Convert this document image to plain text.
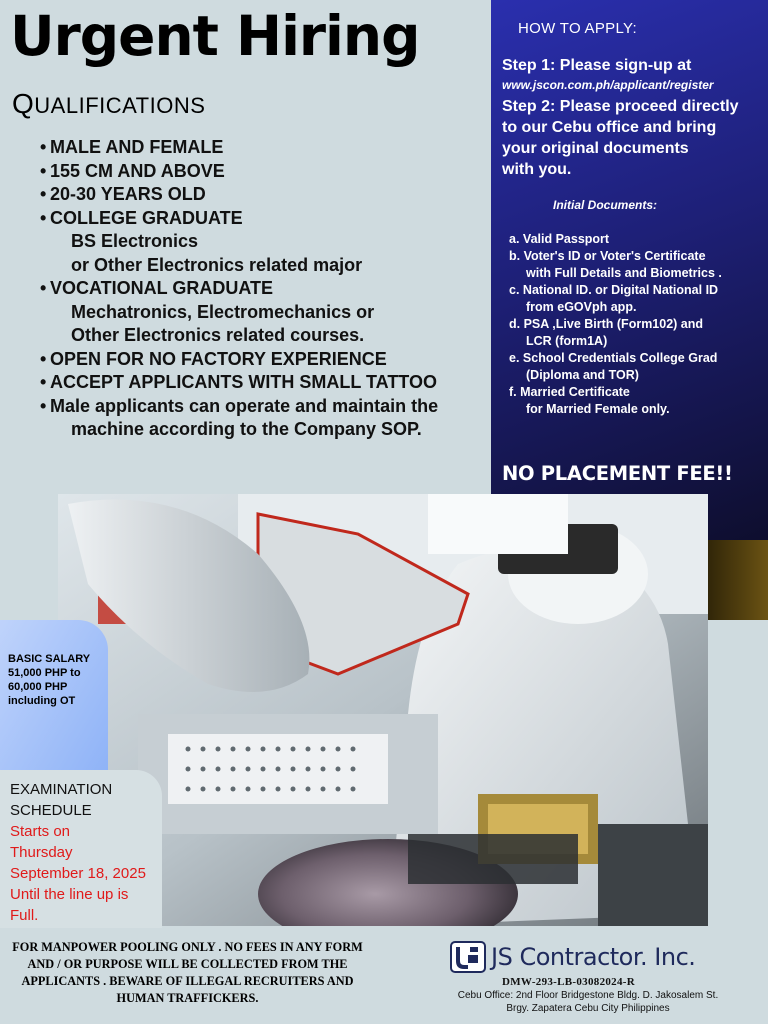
Urgent Hiring
QUALIFICATIONS
• MALE AND FEMALE
• 155 CM AND ABOVE
• 20-30 YEARS OLD
• COLLEGE GRADUATE
BS Electronics
or Other Electronics related major
• VOCATIONAL GRADUATE
Mechatronics, Electromechanics or
Other Electronics related courses.
• OPEN FOR NO FACTORY EXPERIENCE
• ACCEPT APPLICANTS WITH SMALL TATTOO
• Male applicants can operate and maintain the
machine according to the Company SOP.
HOW TO APPLY:
Step 1: Please sign-up at
www.jscon.com.ph/applicant/register
Step 2: Please proceed directly
to our Cebu office and bring
your original documents
with you.
Initial Documents:
a. Valid Passport
b. Voter's ID or Voter's Certificate
with Full Details and Biometrics .
c. National ID. or Digital National ID
from eGOVph app.
d. PSA ,Live Birth (Form102) and
LCR (form1A)
e. School Credentials College Grad
(Diploma and TOR)
f. Married Certificate
for Married Female only.
NO PLACEMENT FEE!!
BASIC SALARY
51,000 PHP to
60,000 PHP
including OT
EXAMINATION
SCHEDULE
Starts on
Thursday
September 18, 2025
Until the line up is
Full.
FOR MANPOWER POOLING ONLY . NO FEES IN ANY FORM
AND / OR PURPOSE WILL BE COLLECTED FROM THE
APPLICANTS . BEWARE OF ILLEGAL RECRUITERS AND
HUMAN TRAFFICKERS.
JS Contractor. Inc.
DMW-293-LB-03082024-R
Cebu Office: 2nd Floor Bridgestone Bldg. D. Jakosalem St.
Brgy. Zapatera Cebu City Philippines
